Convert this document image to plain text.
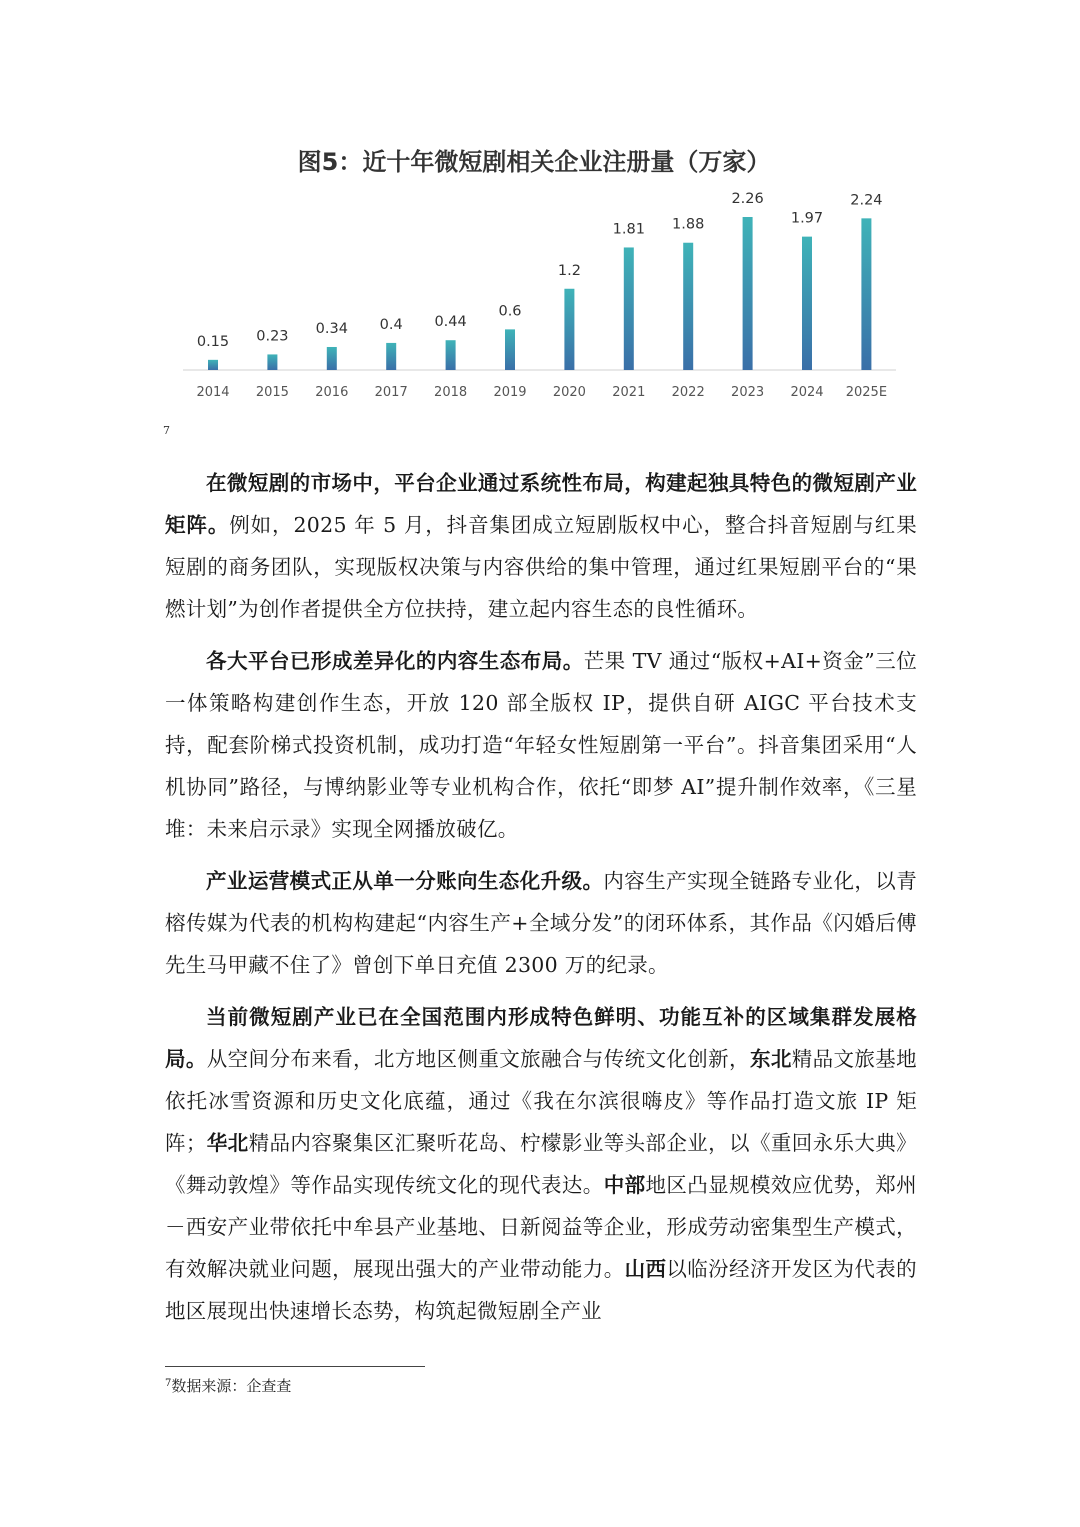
图5：近十年微短剧相关企业注册量（万家）
0.15
2014
0.23
2015
0.34
2016
0.4
2017
0.44
2018
0.6
2019
1.2
2020
1.81
2021
1.88
2022
2.26
2023
1.97
2024
2.24
2025E
7

在微短剧的市场中，平台企业通过系统性布局，构建起独具特色的微短剧产业矩阵。例如，2025 年 5 月，抖音集团成立短剧版权中心，整合抖音短剧与红果短剧的商务团队，实现版权决策与内容供给的集中管理，通过红果短剧平台的“果燃计划”为创作者提供全方位扶持，建立起内容生态的良性循环。

各大平台已形成差异化的内容生态布局。芒果 TV 通过“版权+AI+资金”三位一体策略构建创作生态，开放 120 部全版权 IP，提供自研 AIGC 平台技术支持，配套阶梯式投资机制，成功打造“年轻女性短剧第一平台”。抖音集团采用“人机协同”路径，与博纳影业等专业机构合作，依托“即梦 AI”提升制作效率，《三星堆：未来启示录》实现全网播放破亿。

产业运营模式正从单一分账向生态化升级。内容生产实现全链路专业化，以青榕传媒为代表的机构构建起“内容生产+全域分发”的闭环体系，其作品《闪婚后傅先生马甲藏不住了》曾创下单日充值 2300 万的纪录。

当前微短剧产业已在全国范围内形成特色鲜明、功能互补的区域集群发展格局。从空间分布来看，北方地区侧重文旅融合与传统文化创新，东北精品文旅基地依托冰雪资源和历史文化底蕴，通过《我在尔滨很嗨皮》等作品打造文旅 IP 矩阵；华北精品内容聚集区汇聚听花岛、柠檬影业等头部企业，以《重回永乐大典》《舞动敦煌》等作品实现传统文化的现代表达。中部地区凸显规模效应优势，郑州－西安产业带依托中牟县产业基地、日新阅益等企业，形成劳动密集型生产模式，有效解决就业问题，展现出强大的产业带动能力。山西以临汾经济开发区为代表的地区展现出快速增长态势，构筑起微短剧全产业

$^7$数据来源：企查查
